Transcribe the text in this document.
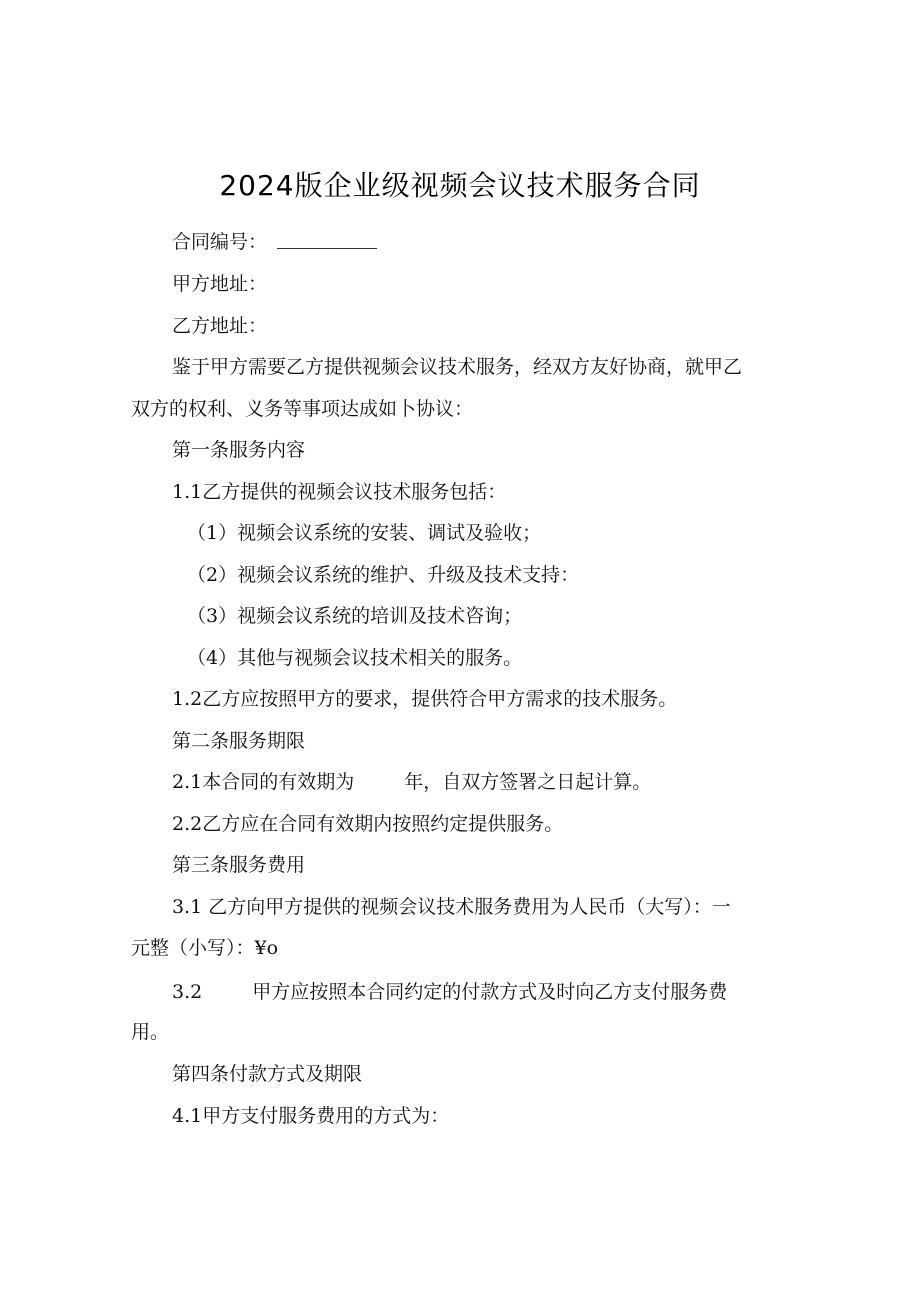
2024版企业级视频会议技术服务合同
合同编号：
甲方地址：
乙方地址：
鉴于甲方需要乙方提供视频会议技术服务，经双方友好协商，就甲乙
双方的权利、义务等事项达成如卜协议：
第一条服务内容
1.1乙方提供的视频会议技术服务包括：
（1）视频会议系统的安装、调试及验收；
（2）视频会议系统的维护、升级及技术支持：
（3）视频会议系统的培训及技术咨询；
（4）其他与视频会议技术相关的服务。
1.2乙方应按照甲方的要求，提供符合甲方需求的技术服务。
第二条服务期限
2.1本合同的有效期为	年，自双方签署之日起计算。
2.2乙方应在合同有效期内按照约定提供服务。
第三条服务费用
3.1 乙方向甲方提供的视频会议技术服务费用为人民币（大写）：一
元整（小写）：¥o
3.2	甲方应按照本合同约定的付款方式及时向乙方支付服务费
用。
第四条付款方式及期限
4.1甲方支付服务费用的方式为：
